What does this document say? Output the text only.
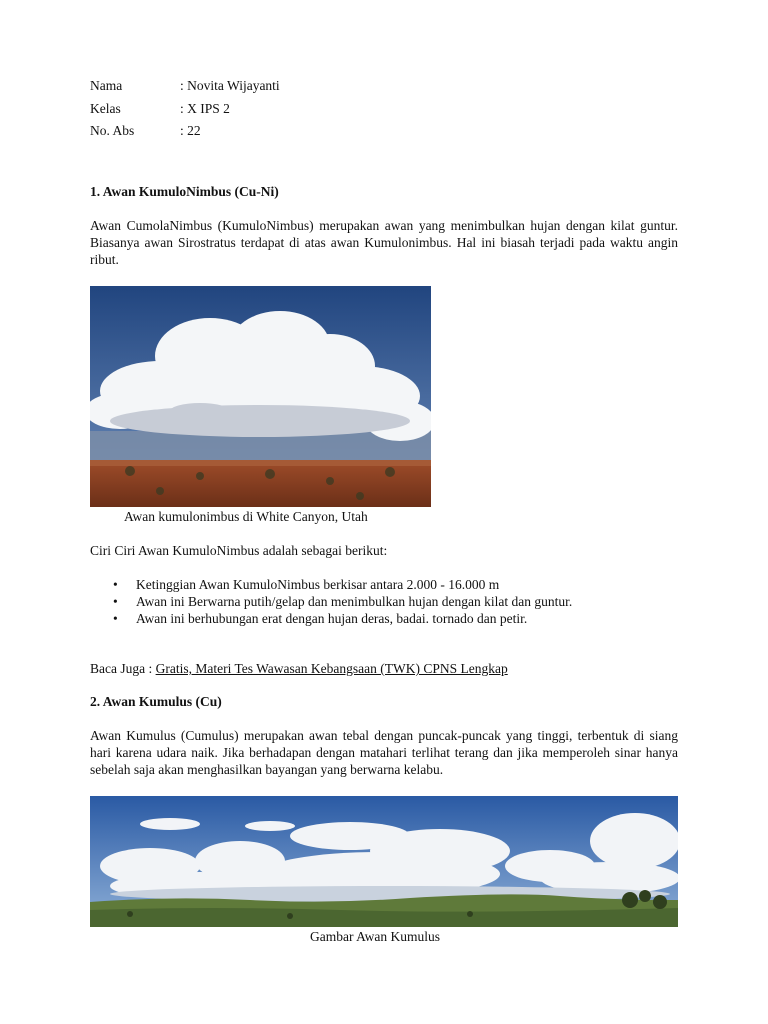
Nama	: Novita Wijayanti
Kelas	: X IPS 2
No. Abs	: 22
1. Awan KumuloNimbus (Cu-Ni)

Awan CumolaNimbus (KumuloNimbus) merupakan awan yang menimbulkan hujan dengan kilat guntur. Biasanya awan Sirostratus terdapat di atas awan Kumulonimbus. Hal ini biasah terjadi pada waktu angin ribut.

Awan kumulonimbus di White Canyon, Utah
Ciri Ciri Awan KumuloNimbus adalah sebagai berikut:
• Ketinggian Awan KumuloNimbus berkisar antara 2.000 - 16.000 m
• Awan ini Berwarna putih/gelap dan menimbulkan hujan dengan kilat dan guntur.
• Awan ini berhubungan erat dengan hujan deras, badai. tornado dan petir.
Baca Juga : Gratis, Materi Tes Wawasan Kebangsaan (TWK) CPNS Lengkap
2. Awan Kumulus (Cu)

Awan Kumulus (Cumulus) merupakan awan tebal dengan puncak-puncak yang tinggi, terbentuk di siang hari karena udara naik. Jika berhadapan dengan matahari terlihat terang dan jika memperoleh sinar hanya sebelah saja akan menghasilkan bayangan yang berwarna kelabu.

Gambar Awan Kumulus
